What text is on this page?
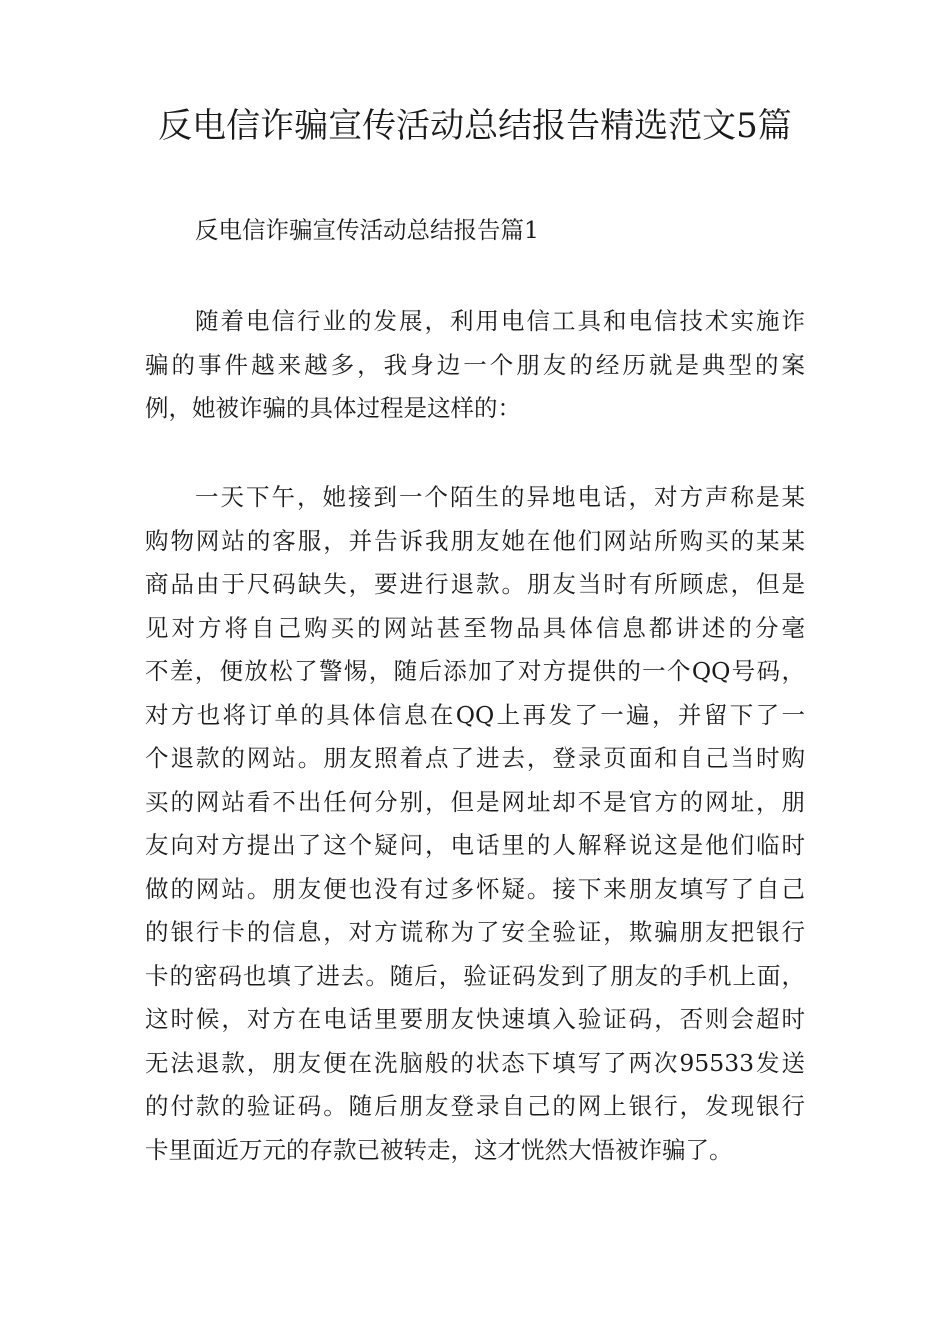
反电信诈骗宣传活动总结报告精选范文5篇
反电信诈骗宣传活动总结报告篇1
随着电信行业的发展，利用电信工具和电信技术实施诈
骗的事件越来越多，我身边一个朋友的经历就是典型的案
例，她被诈骗的具体过程是这样的：
一天下午，她接到一个陌生的异地电话，对方声称是某
购物网站的客服，并告诉我朋友她在他们网站所购买的某某
商品由于尺码缺失，要进行退款。朋友当时有所顾虑，但是
见对方将自己购买的网站甚至物品具体信息都讲述的分毫
不差，便放松了警惕，随后添加了对方提供的一个QQ号码，
对方也将订单的具体信息在QQ上再发了一遍，并留下了一
个退款的网站。朋友照着点了进去，登录页面和自己当时购
买的网站看不出任何分别，但是网址却不是官方的网址，朋
友向对方提出了这个疑问，电话里的人解释说这是他们临时
做的网站。朋友便也没有过多怀疑。接下来朋友填写了自己
的银行卡的信息，对方谎称为了安全验证，欺骗朋友把银行
卡的密码也填了进去。随后，验证码发到了朋友的手机上面，
这时候，对方在电话里要朋友快速填入验证码，否则会超时
无法退款，朋友便在洗脑般的状态下填写了两次95533发送
的付款的验证码。随后朋友登录自己的网上银行，发现银行
卡里面近万元的存款已被转走，这才恍然大悟被诈骗了。
